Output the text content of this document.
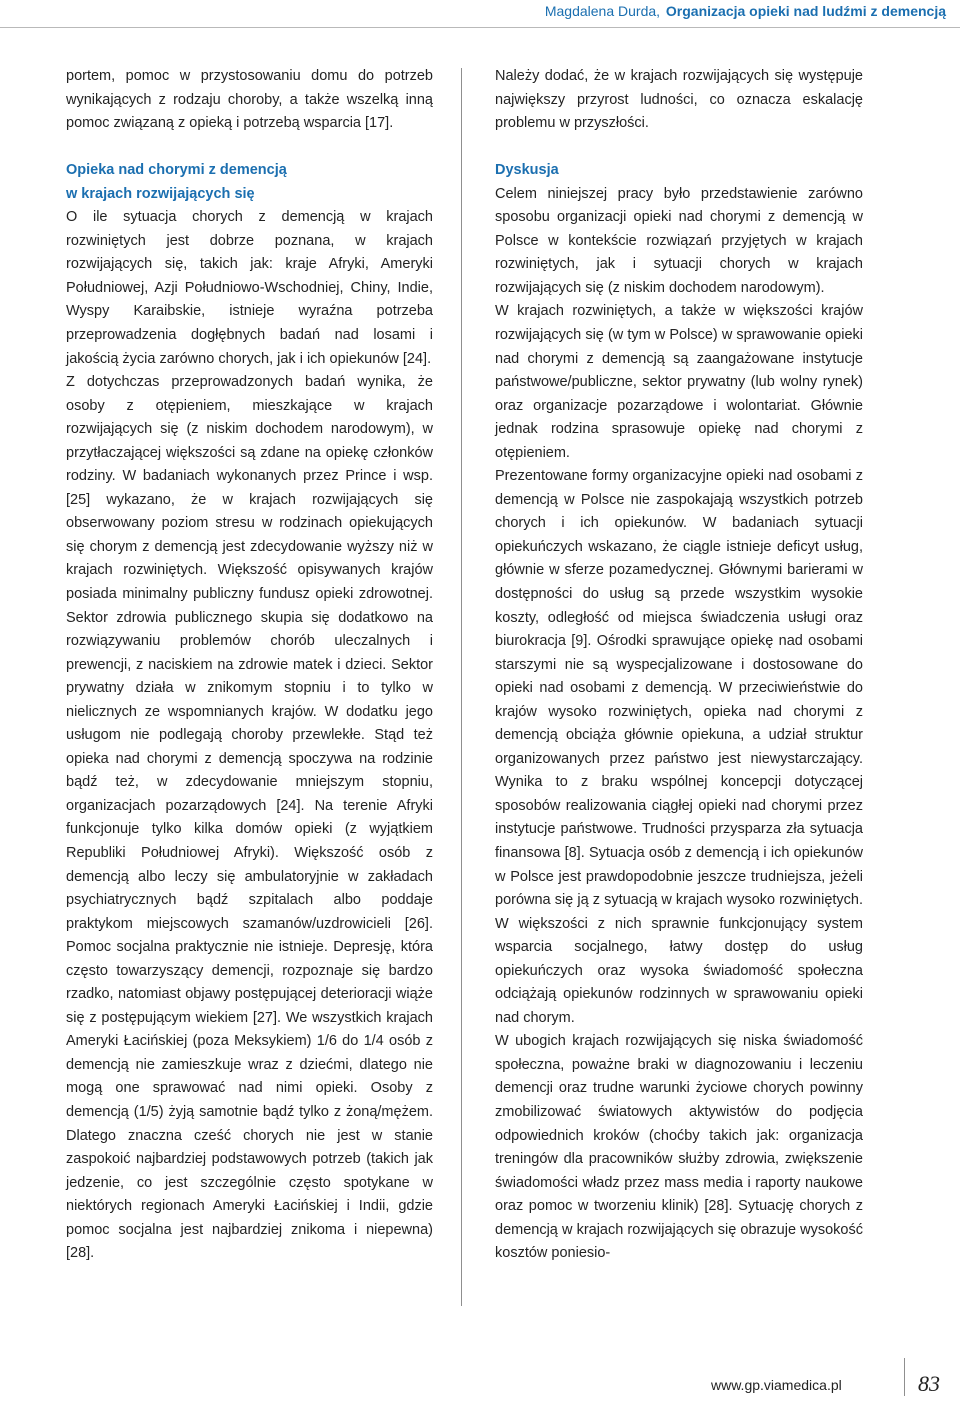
Magdalena Durda, Organizacja opieki nad ludźmi z demencją

portem, pomoc w przystosowaniu domu do potrzeb wynikających z rodzaju choroby, a także wszelką inną pomoc związaną z opieką i potrzebą wsparcia [17].

Opieka nad chorymi z demencją
w krajach rozwijających się

O ile sytuacja chorych z demencją w krajach rozwiniętych jest dobrze poznana, w krajach rozwijających się, takich jak: kraje Afryki, Ameryki Południowej, Azji Południowo-Wschodniej, Chiny, Indie, Wyspy Karaibskie, istnieje wyraźna potrzeba przeprowadzenia dogłębnych badań nad losami i jakością życia zarówno chorych, jak i ich opiekunów [24].

Z dotychczas przeprowadzonych badań wynika, że osoby z otępieniem, mieszkające w krajach rozwijających się (z niskim dochodem narodowym), w przytłaczającej większości są zdane na opiekę członków rodziny. W badaniach wykonanych przez Prince i wsp. [25] wykazano, że w krajach rozwijających się obserwowany poziom stresu w rodzinach opiekujących się chorym z demencją jest zdecydowanie wyższy niż w krajach rozwiniętych. Większość opisywanych krajów posiada minimalny publiczny fundusz opieki zdrowotnej. Sektor zdrowia publicznego skupia się dodatkowo na rozwiązywaniu problemów chorób uleczalnych i prewencji, z naciskiem na zdrowie matek i dzieci. Sektor prywatny działa w znikomym stopniu i to tylko w nielicznych ze wspomnianych krajów. W dodatku jego usługom nie podlegają choroby przewlekłe. Stąd też opieka nad chorymi z demencją spoczywa na rodzinie bądź też, w zdecydowanie mniejszym stopniu, organizacjach pozarządowych [24]. Na terenie Afryki funkcjonuje tylko kilka domów opieki (z wyjątkiem Republiki Południowej Afryki). Większość osób z demencją albo leczy się ambulatoryjnie w zakładach psychiatrycznych bądź szpitalach albo poddaje praktykom miejscowych szamanów/uzdrowicieli [26]. Pomoc socjalna praktycznie nie istnieje. Depresję, która często towarzyszący demencji, rozpoznaje się bardzo rzadko, natomiast objawy postępującej deterioracji wiąże się z postępującym wiekiem [27]. We wszystkich krajach Ameryki Łacińskiej (poza Meksykiem) 1/6 do 1/4 osób z demencją nie zamieszkuje wraz z dziećmi, dlatego nie mogą one sprawować nad nimi opieki. Osoby z demencją (1/5) żyją samotnie bądź tylko z żoną/mężem. Dlatego znaczna cześć chorych nie jest w stanie zaspokoić najbardziej podstawowych potrzeb (takich jak jedzenie, co jest szczególnie często spotykane w niektórych regionach Ameryki Łacińskiej i Indii, gdzie pomoc socjalna jest najbardziej znikoma i niepewna) [28].

Należy dodać, że w krajach rozwijających się występuje największy przyrost ludności, co oznacza eskalację problemu w przyszłości.

Dyskusja

Celem niniejszej pracy było przedstawienie zarówno sposobu organizacji opieki nad chorymi z demencją w Polsce w kontekście rozwiązań przyjętych w krajach rozwiniętych, jak i sytuacji chorych w krajach rozwijających się (z niskim dochodem narodowym).

W krajach rozwiniętych, a także w większości krajów rozwijających się (w tym w Polsce) w sprawowanie opieki nad chorymi z demencją są zaangażowane instytucje państwowe/publiczne, sektor prywatny (lub wolny rynek) oraz organizacje pozarządowe i wolontariat. Głównie jednak rodzina sprasowuje opiekę nad chorymi z otępieniem.

Prezentowane formy organizacyjne opieki nad osobami z demencją w Polsce nie zaspokajają wszystkich potrzeb chorych i ich opiekunów. W badaniach sytuacji opiekuńczych wskazano, że ciągle istnieje deficyt usług, głównie w sferze pozamedycznej. Głównymi barierami w dostępności do usług są przede wszystkim wysokie koszty, odległość od miejsca świadczenia usługi oraz biurokracja [9]. Ośrodki sprawujące opiekę nad osobami starszymi nie są wyspecjalizowane i dostosowane do opieki nad osobami z demencją. W przeciwieństwie do krajów wysoko rozwiniętych, opieka nad chorymi z demencją obciąża głównie opiekuna, a udział struktur organizowanych przez państwo jest niewystarczający. Wynika to z braku wspólnej koncepcji dotyczącej sposobów realizowania ciągłej opieki nad chorymi przez instytucje państwowe. Trudności przysparza zła sytuacja finansowa [8]. Sytuacja osób z demencją i ich opiekunów w Polsce jest prawdopodobnie jeszcze trudniejsza, jeżeli porówna się ją z sytuacją w krajach wysoko rozwiniętych. W większości z nich sprawnie funkcjonujący system wsparcia socjalnego, łatwy dostęp do usług opiekuńczych oraz wysoka świadomość społeczna odciążają opiekunów rodzinnych w sprawowaniu opieki nad chorym.

W ubogich krajach rozwijających się niska świadomość społeczna, poważne braki w diagnozowaniu i leczeniu demencji oraz trudne warunki życiowe chorych powinny zmobilizować światowych aktywistów do podjęcia odpowiednich kroków (choćby takich jak: organizacja treningów dla pracowników służby zdrowia, zwiększenie świadomości władz przez mass media i raporty naukowe oraz pomoc w tworzeniu klinik) [28]. Sytuację chorych z demencją w krajach rozwijających się obrazuje wysokość kosztów poniesio-

www.gp.viamedica.pl	83
